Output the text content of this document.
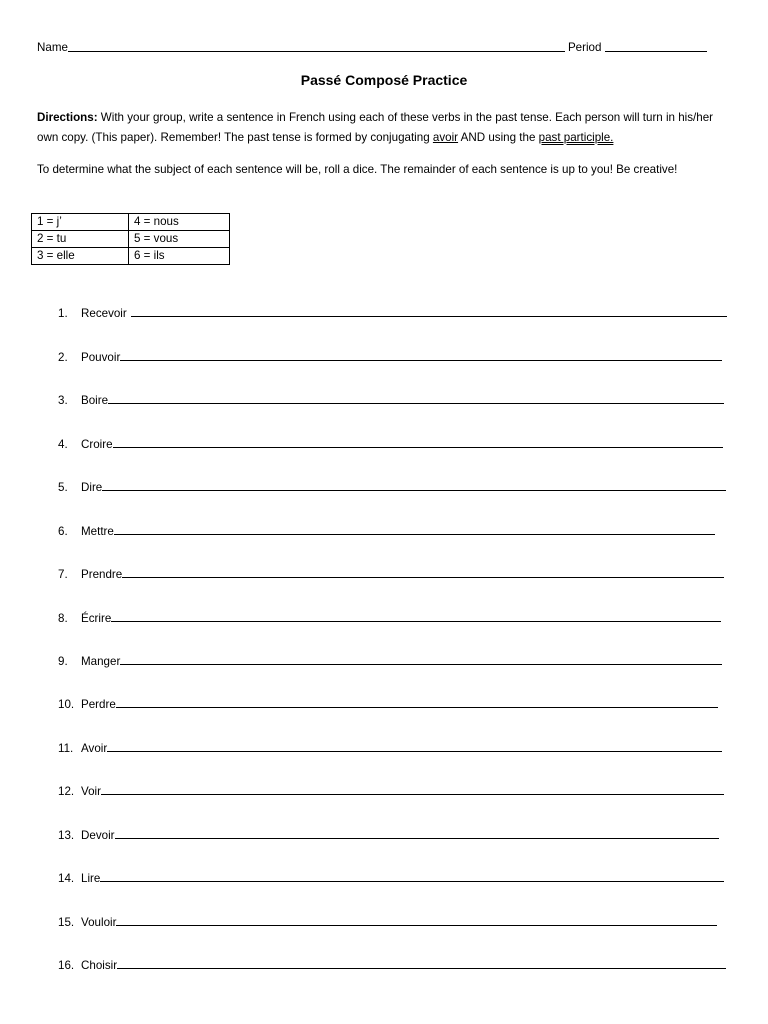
Name	Period
Passé Composé Practice
Directions: With your group, write a sentence in French using each of these verbs in the past tense. Each person will turn in his/her own copy. (This paper). Remember! The past tense is formed by conjugating avoir AND using the past participle.
To determine what the subject of each sentence will be, roll a dice. The remainder of each sentence is up to you! Be creative!
1 = j’	4 = nous
2 = tu	5 = vous
3 = elle	6 = ils
1.	Recevoir
2.	Pouvoir
3.	Boire
4.	Croire
5.	Dire
6.	Mettre
7.	Prendre
8.	Écrire
9.	Manger
10. Perdre
11. Avoir
12. Voir
13. Devoir
14. Lire
15. Vouloir
16. Choisir
